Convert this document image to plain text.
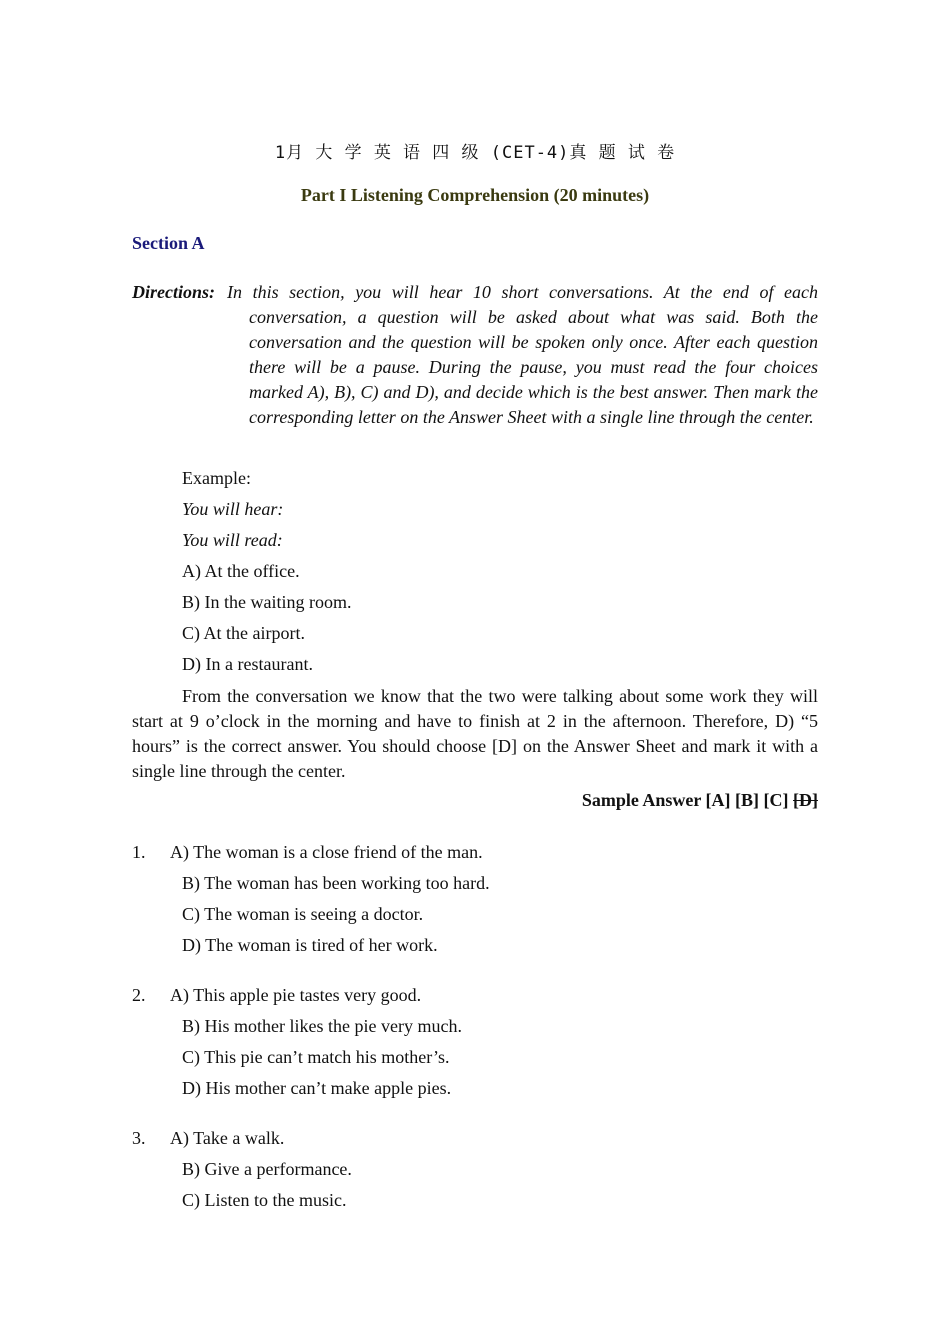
1月 大 学 英 语 四 级 (CET-4)真 题 试 卷
Part I Listening Comprehension (20 minutes)
Section A
Directions: In this section, you will hear 10 short conversations. At the end of each conversation, a question will be asked about what was said. Both the conversation and the question will be spoken only once. After each question there will be a pause. During the pause, you must read the four choices marked A), B), C) and D), and decide which is the best answer. Then mark the corresponding letter on the Answer Sheet with a single line through the center.
Example:
You will hear:
You will read:
A) At the office.
B) In the waiting room.
C) At the airport.
D) In a restaurant.
From the conversation we know that the two were talking about some work they will start at 9 o’clock in the morning and have to finish at 2 in the afternoon. Therefore, D) “5 hours” is the correct answer. You should choose [D] on the Answer Sheet and mark it with a single line through the center.
Sample Answer [A] [B] [C] [D]
1. A) The woman is a close friend of the man.
B) The woman has been working too hard.
C) The woman is seeing a doctor.
D) The woman is tired of her work.
2. A) This apple pie tastes very good.
B) His mother likes the pie very much.
C) This pie can’t match his mother’s.
D) His mother can’t make apple pies.
3. A) Take a walk.
B) Give a performance.
C) Listen to the music.
